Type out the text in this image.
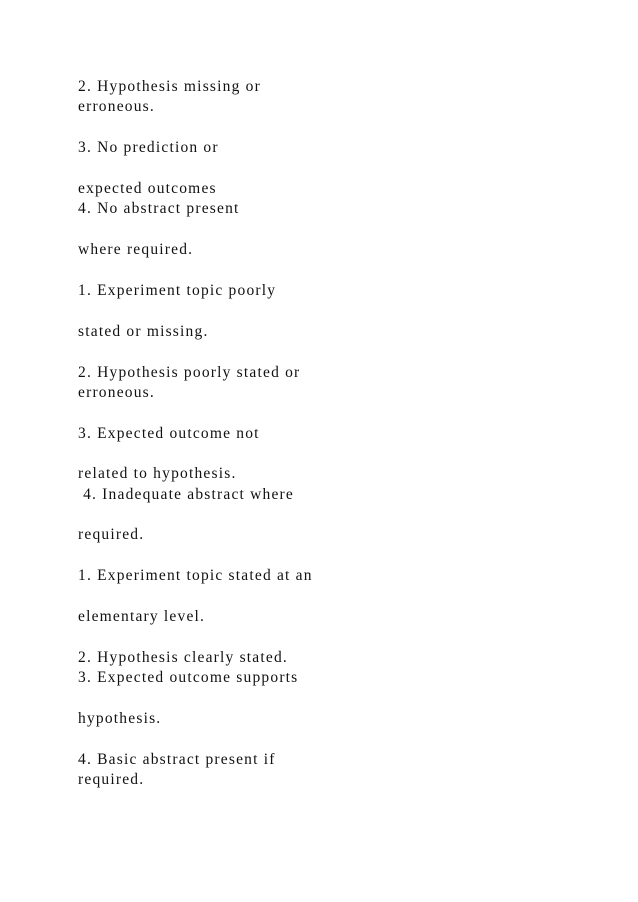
2. Hypothesis missing or

erroneous.

3. No prediction or

expected outcomes

4. No abstract present

where required.

1. Experiment topic poorly

stated or missing.

2. Hypothesis poorly stated or

erroneous.

3. Expected outcome not

related to hypothesis.

4. Inadequate abstract where

required.

1. Experiment topic stated at an

elementary level.

2. Hypothesis clearly stated.

3. Expected outcome supports

hypothesis.

4. Basic abstract present if

required.
